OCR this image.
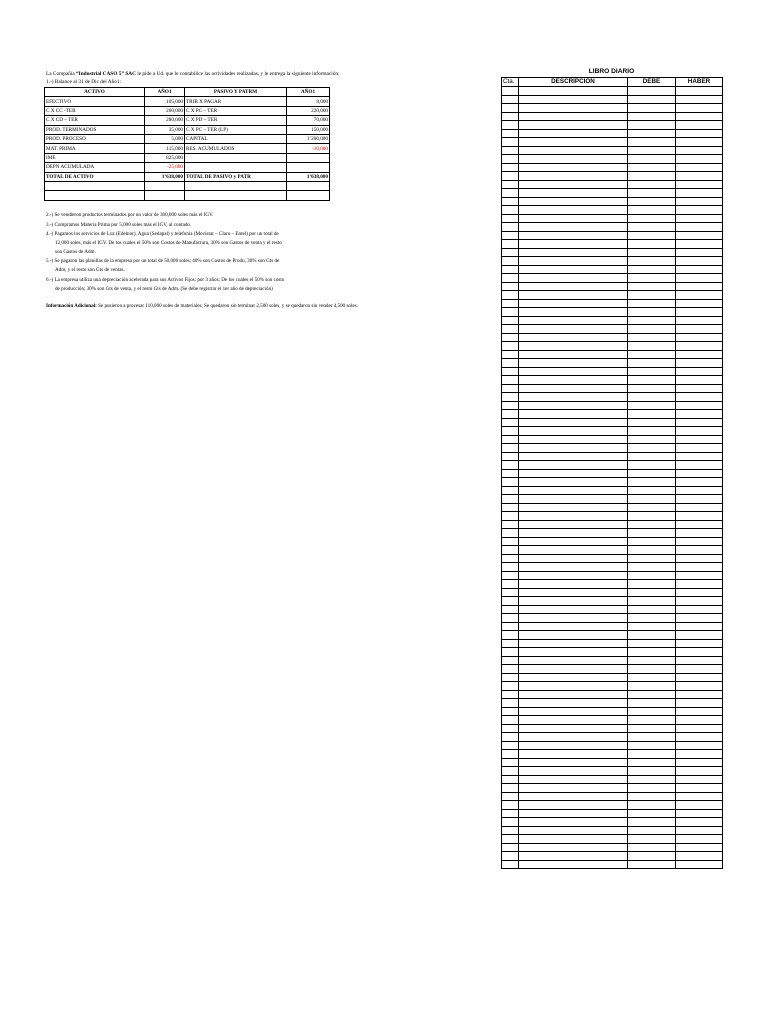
La Compañía “Industrial CASO 5” SAC le pide a Ud. que le contabilice las actividades realizadas, y le entrega la siguiente información:
1.-) Balance al 31 de Dic del Año1:
ACTIVO	AÑO1	PASIVO Y PATRM	AÑO1
EFECTIVO	105,000	TRIB X PAGAR	8,000
C X CC -TER	200,000	C X PC – TER	220,000
C X CD – TER	280,000	C X PD – TER	70,000
PROD. TERMINADOS	35,000	C X PC – TER (LP)	150,000
PROD. PROCESO	5,000	CAPITAL	1’200,000
MAT. PRIMA	115,000	RES. ACUMULADOS	-10,000
IME	825,000		
DEPN ACUMULADA	-25,000		
TOTAL DE ACTIVO	1’638,000	TOTAL DE PASIVO y PATR	1’638,000

2.-) Se vendieron productos terminados por un valor de 300,000 soles más el IGV.
3.-) Compramos Materia Prima por 5,000 soles más el IGV, al contado.
4.-) Pagamos los servicios de Luz (Edelnor), Agua (Sedapal) y telefonía (Movistar – Claro – Entel) por un total de
12,000 soles, más el IGV. De los cuales el 50% son Costos de Manufactura, 30% son Gastos de venta y el resto
son Gastos de Adm.
5.-) Se pagaron las planillas de la empresa por un total de 50,000 soles; 40% son Costos de Produ, 30% son Gts de
Adm, y el resto son Gts de ventas.
6.-) La empresa utiliza una depreciación acelerada para sus Activos Fijos; por 3 años; De los cuales el 50% son costo
de producción; 30% son Gts de venta, y el resto Gts de Adm. (Se debe registrar el 1er año de depreciación)
Información Adicional: Se pusieron a procesar 110,000 soles de materiales, Se quedaron sin terminar 2,500 soles, y se quedaron sin vender 4,500 soles.
LIBRO DIARIO
Cta.	DESCRIPCIÓN	DEBE	HABER
